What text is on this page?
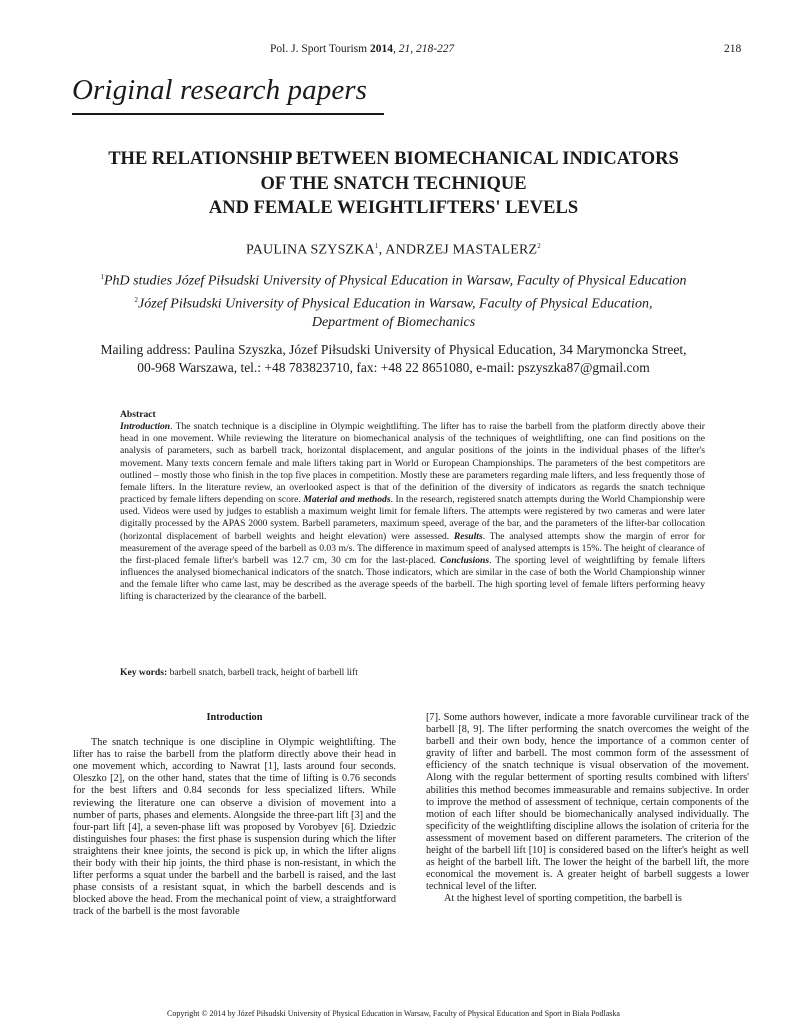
Pol. J. Sport Tourism 2014, 21, 218-227	218
Original research papers
THE RELATIONSHIP BETWEEN BIOMECHANICAL INDICATORS
OF THE SNATCH TECHNIQUE
AND FEMALE WEIGHTLIFTERS' LEVELS
PAULINA SZYSZKA$^1$, ANDRZEJ MASTALERZ$^2$
$^1$PhD studies Józef Piłsudski University of Physical Education in Warsaw, Faculty of Physical Education
$^2$Józef Piłsudski University of Physical Education in Warsaw, Faculty of Physical Education,
Department of Biomechanics
Mailing address: Paulina Szyszka, Józef Piłsudski University of Physical Education, 34 Marymoncka Street,
00-968 Warszawa, tel.: +48 783823710, fax: +48 22 8651080, e-mail: pszyszka87@gmail.com
Abstract
Introduction. The snatch technique is a discipline in Olympic weightlifting. The lifter has to raise the barbell from the platform directly above their head in one movement. While reviewing the literature on biomechanical analysis of the techniques of weightlifting, one can find positions on the analysis of parameters, such as barbell track, horizontal displacement, and angular positions of the joints in the individual phases of the lifter's movement. Many texts concern female and male lifters taking part in World or European Championships. The parameters of the best competitors are outlined – mostly those who finish in the top five places in competition. Mostly these are parameters regarding male lifters, and less frequently those of female lifters. In the literature review, an overlooked aspect is that of the definition of the diversity of indicators as regards the snatch technique practiced by female lifters depending on score. Material and methods. In the research, registered snatch attempts during the World Championship were used. Videos were used by judges to establish a maximum weight limit for female lifters. The attempts were registered by two cameras and were later digitally processed by the APAS 2000 system. Barbell parameters, maximum speed, average of the bar, and the parameters of the lifter-bar collocation (horizontal displacement of barbell weights and height elevation) were assessed. Results. The analysed attempts show the margin of error for measurement of the average speed of the barbell as 0.03 m/s. The difference in maximum speed of analysed attempts is 15%. The height of clearance of the first-placed female lifter's barbell was 12.7 cm, 30 cm for the last-placed. Conclusions. The sporting level of weightlifting by female lifters influences the analysed biomechanical indicators of the snatch. Those indicators, which are similar in the case of both the World Championship winner and the female lifter who came last, may be described as the average speeds of the barbell. The high sporting level of female lifters performing heavy lifting is characterized by the clearance of the barbell.
Key words: barbell snatch, barbell track, height of barbell lift
Introduction

The snatch technique is one discipline in Olympic weightlifting. The lifter has to raise the barbell from the platform directly above their head in one movement which, according to Nawrat [1], lasts around four seconds. Oleszko [2], on the other hand, states that the time of lifting is 0.76 seconds for the best lifters and 0.84 seconds for less specialized lifters. While reviewing the literature one can observe a division of movement into a number of parts, phases and elements. Alongside the three-part lift [3] and the four-part lift [4], a seven-phase lift was proposed by Vorobyev [6]. Dziedzic distinguishes four phases: the first phase is suspension during which the lifter straightens their knee joints, the second is pick up, in which the lifter aligns their body with their hip joints, the third phase is non-resistant, in which the lifter performs a squat under the barbell and the barbell is raised, and the last phase consists of a resistant squat, in which the barbell descends and is blocked above the head. From the mechanical point of view, a straightforward track of the barbell is the most favorable

[7]. Some authors however, indicate a more favorable curvilinear track of the barbell [8, 9]. The lifter performing the snatch overcomes the weight of the barbell and their own body, hence the importance of a common center of gravity of lifter and barbell. The most common form of the assessment of efficiency of the snatch technique is visual observation of the movement. Along with the regular betterment of sporting results combined with lifters' abilities this method becomes immeasurable and remains subjective. In order to improve the method of assessment of technique, certain components of the motion of each lifter should be biomechanically analysed individually. The specificity of the weightlifting discipline allows the isolation of criteria for the assessment of movement based on different parameters. The criterion of the height of the barbell lift [10] is considered based on the lifter's height as well as height of the barbell lift. The lower the height of the barbell lift, the more economical the movement is. A greater height of barbell suggests a lower technical level of the lifter.

At the highest level of sporting competition, the barbell is

Copyright © 2014 by Józef Piłsudski University of Physical Education in Warsaw, Faculty of Physical Education and Sport in Biała Podlaska
